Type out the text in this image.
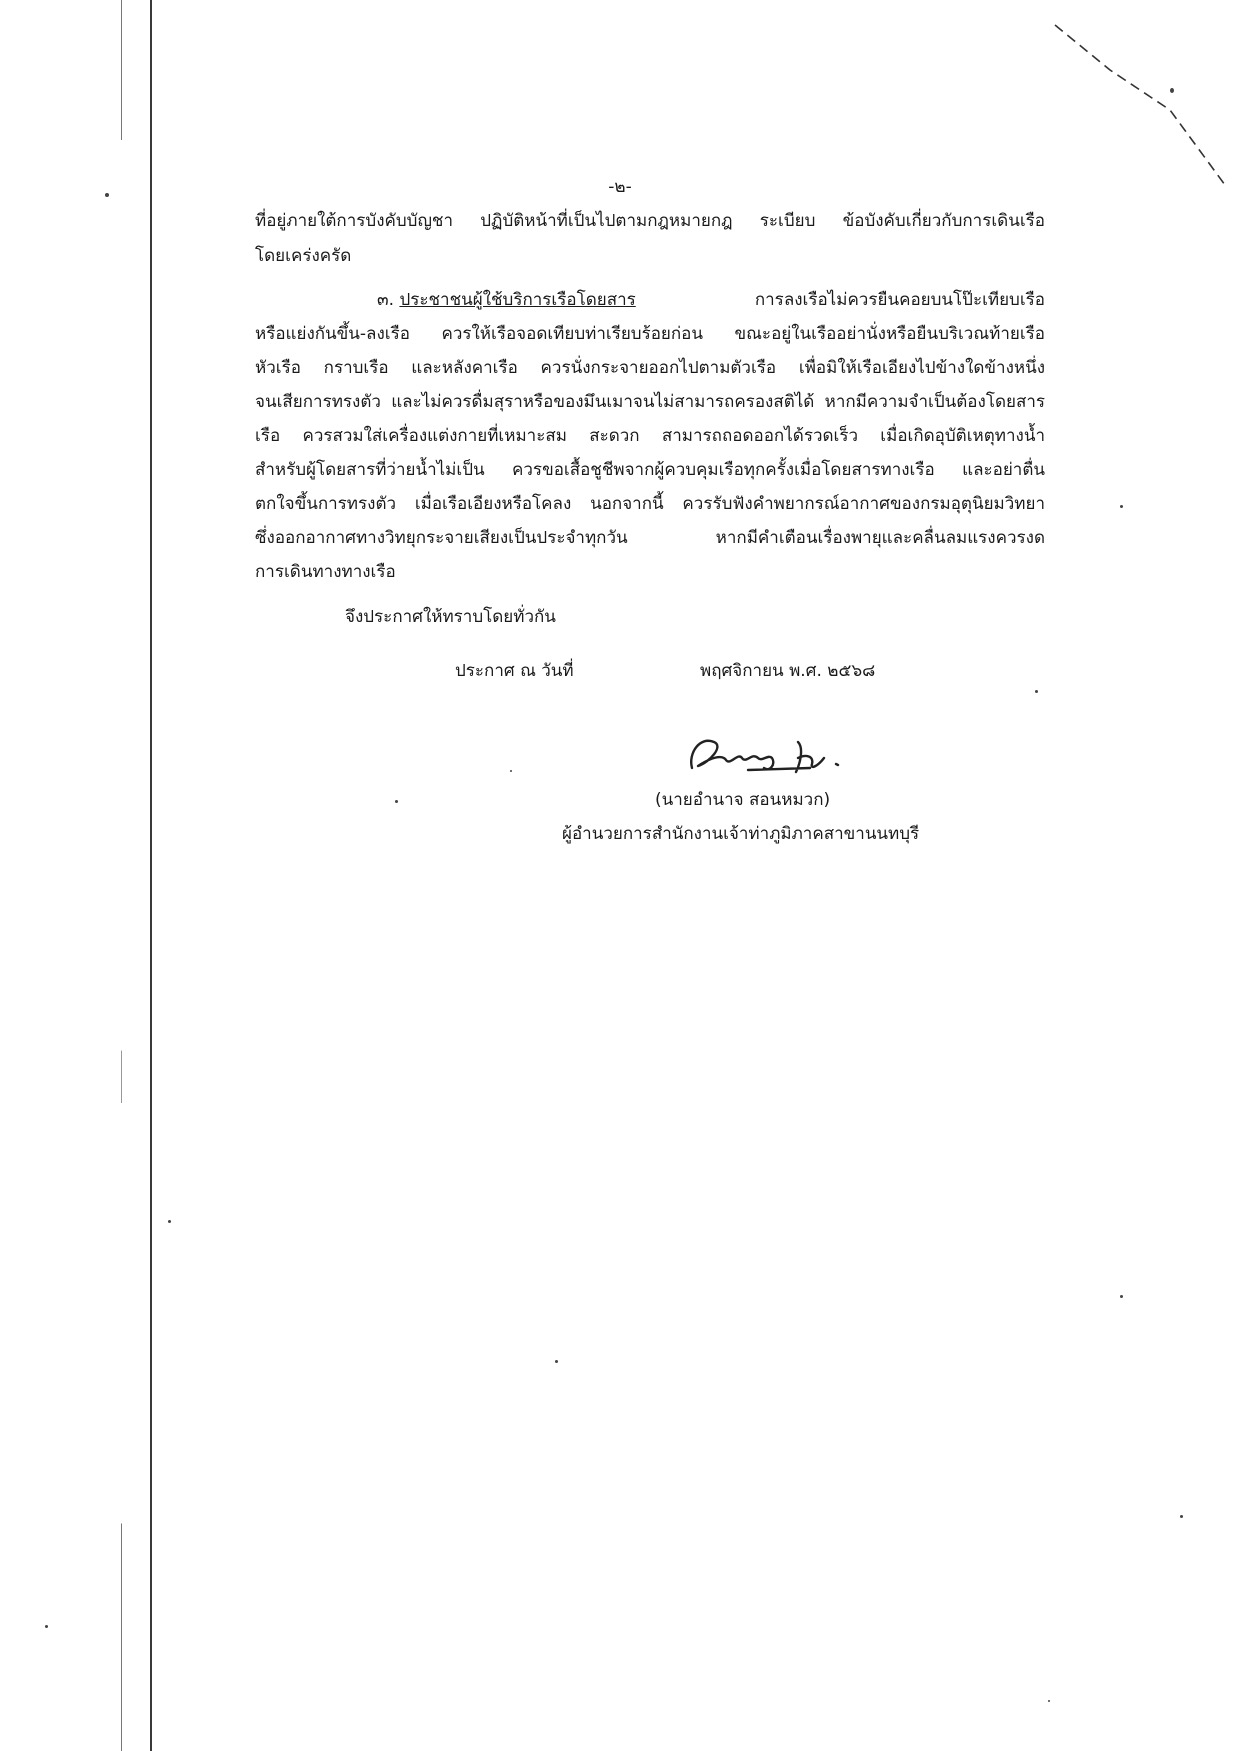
-๒-
ที่อยู่ภายใต้การบังคับบัญชา ปฏิบัติหน้าที่เป็นไปตามกฎหมายกฎ ระเบียบ ข้อบังคับเกี่ยวกับการเดินเรือ
โดยเคร่งครัด
๓. ประชาชนผู้ใช้บริการเรือโดยสาร	การลงเรือไม่ควรยืนคอยบนโป๊ะเทียบเรือ
หรือแย่งกันขึ้น-ลงเรือ ควรให้เรือจอดเทียบท่าเรียบร้อยก่อน ขณะอยู่ในเรืออย่านั่งหรือยืนบริเวณท้ายเรือ
หัวเรือ กราบเรือ และหลังคาเรือ ควรนั่งกระจายออกไปตามตัวเรือ เพื่อมิให้เรือเอียงไปข้างใดข้างหนึ่ง
จนเสียการทรงตัว และไม่ควรดื่มสุราหรือของมึนเมาจนไม่สามารถครองสติได้ หากมีความจำเป็นต้องโดยสาร
เรือ ควรสวมใส่เครื่องแต่งกายที่เหมาะสม สะดวก สามารถถอดออกได้รวดเร็ว เมื่อเกิดอุบัติเหตุทางน้ำ
สำหรับผู้โดยสารที่ว่ายน้ำไม่เป็น ควรขอเสื้อชูชีพจากผู้ควบคุมเรือทุกครั้งเมื่อโดยสารทางเรือ และอย่าตื่น
ตกใจขึ้นการทรงตัว เมื่อเรือเอียงหรือโคลง นอกจากนี้ ควรรับฟังคำพยากรณ์อากาศของกรมอุตุนิยมวิทยา
ซึ่งออกอากาศทางวิทยุกระจายเสียงเป็นประจำทุกวัน หากมีคำเตือนเรื่องพายุและคลื่นลมแรงควรงด
การเดินทางทางเรือ
จึงประกาศให้ทราบโดยทั่วกัน
ประกาศ ณ วันที่	พฤศจิกายน พ.ศ. ๒๕๖๘
(นายอำนาจ สอนหมวก)
ผู้อำนวยการสำนักงานเจ้าท่าภูมิภาคสาขานนทบุรี
